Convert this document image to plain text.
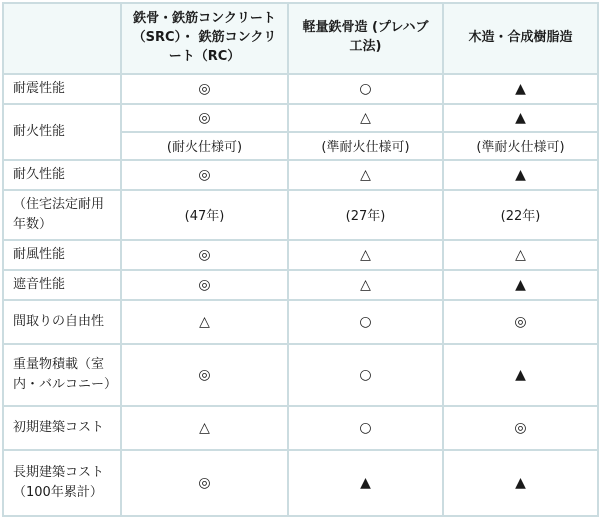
	鉄骨・鉄筋コンクリート（SRC）・ 鉄筋コンクリート（RC）	軽量鉄骨造 (プレハブ工法)	木造・合成樹脂造
耐震性能	◎	○	▲
耐火性能	◎	△	▲
	(耐火仕様可)	(準耐火仕様可)	(準耐火仕様可)
耐久性能	◎	△	▲
（住宅法定耐用年数）	(47年)	(27年)	(22年)
耐風性能	◎	△	△
遮音性能	◎	△	▲
間取りの自由性	△	○	◎
重量物積載（室内・バルコニー）	◎	○	▲
初期建築コスト	△	○	◎
長期建築コスト（100年累計）	◎	▲	▲
